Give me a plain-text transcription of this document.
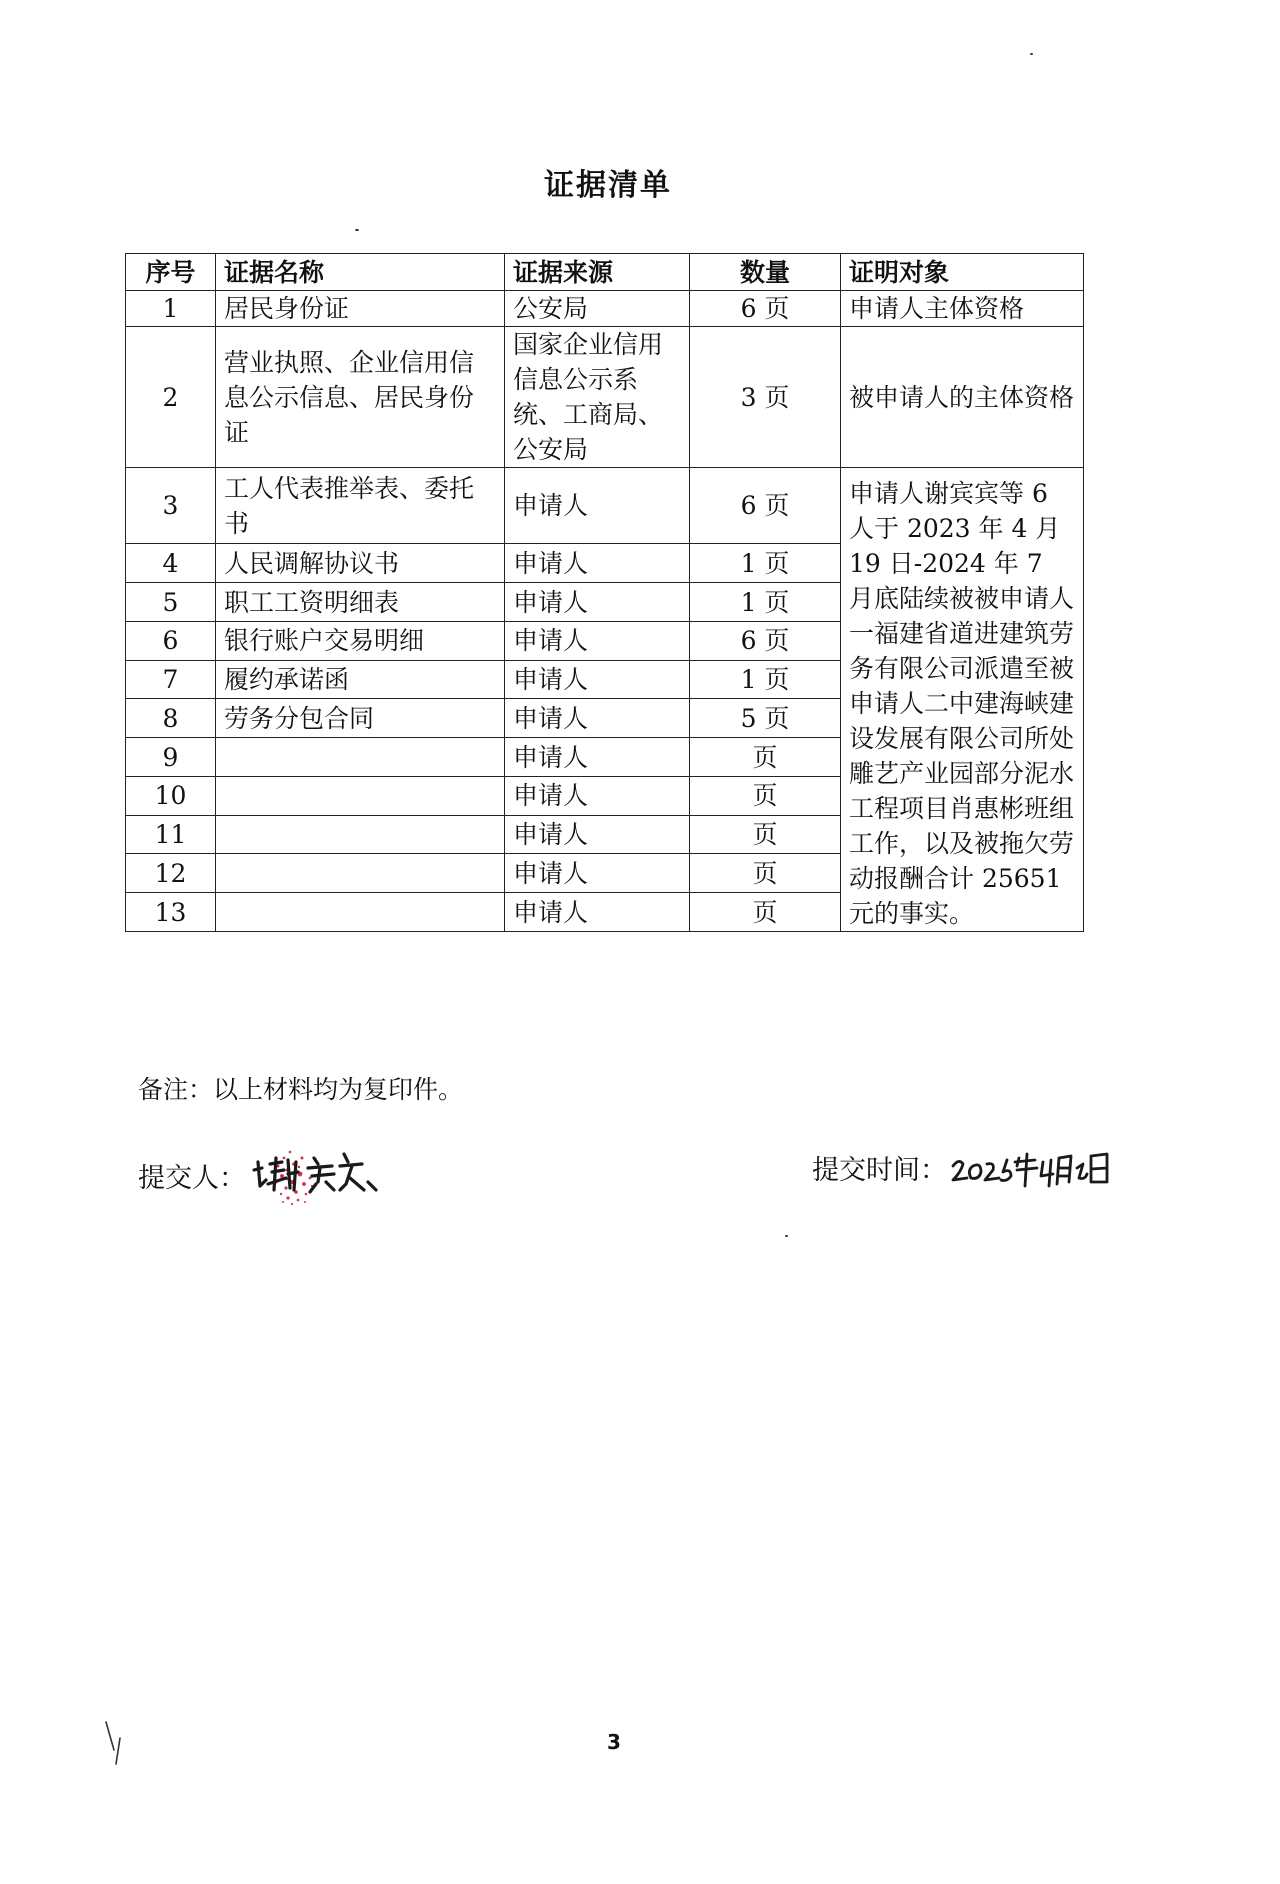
证据清单
序号	证据名称	证据来源	数量	证明对象
1	居民身份证	公安局	6 页	申请人主体资格
2	营业执照、企业信用信息公示信息、居民身份证	国家企业信用信息公示系统、工商局、公安局	3 页	被申请人的主体资格
3	工人代表推举表、委托书	申请人	6 页	申请人谢宾宾等 6 人于 2023 年 4 月 19 日-2024 年 7 月底陆续被被申请人一福建省道进建筑劳务有限公司派遣至被申请人二中建海峡建设发展有限公司所处雕艺产业园部分泥水工程项目肖惠彬班组工作，以及被拖欠劳动报酬合计 25651 元的事实。
4	人民调解协议书	申请人	1 页	
5	职工工资明细表	申请人	1 页	
6	银行账户交易明细	申请人	6 页	
7	履约承诺函	申请人	1 页	
8	劳务分包合同	申请人	5 页	
9		申请人	页	
10		申请人	页	
11		申请人	页	
12		申请人	页	
13		申请人	页	
备注：以上材料均为复印件。
提交人：	提交时间：
3
